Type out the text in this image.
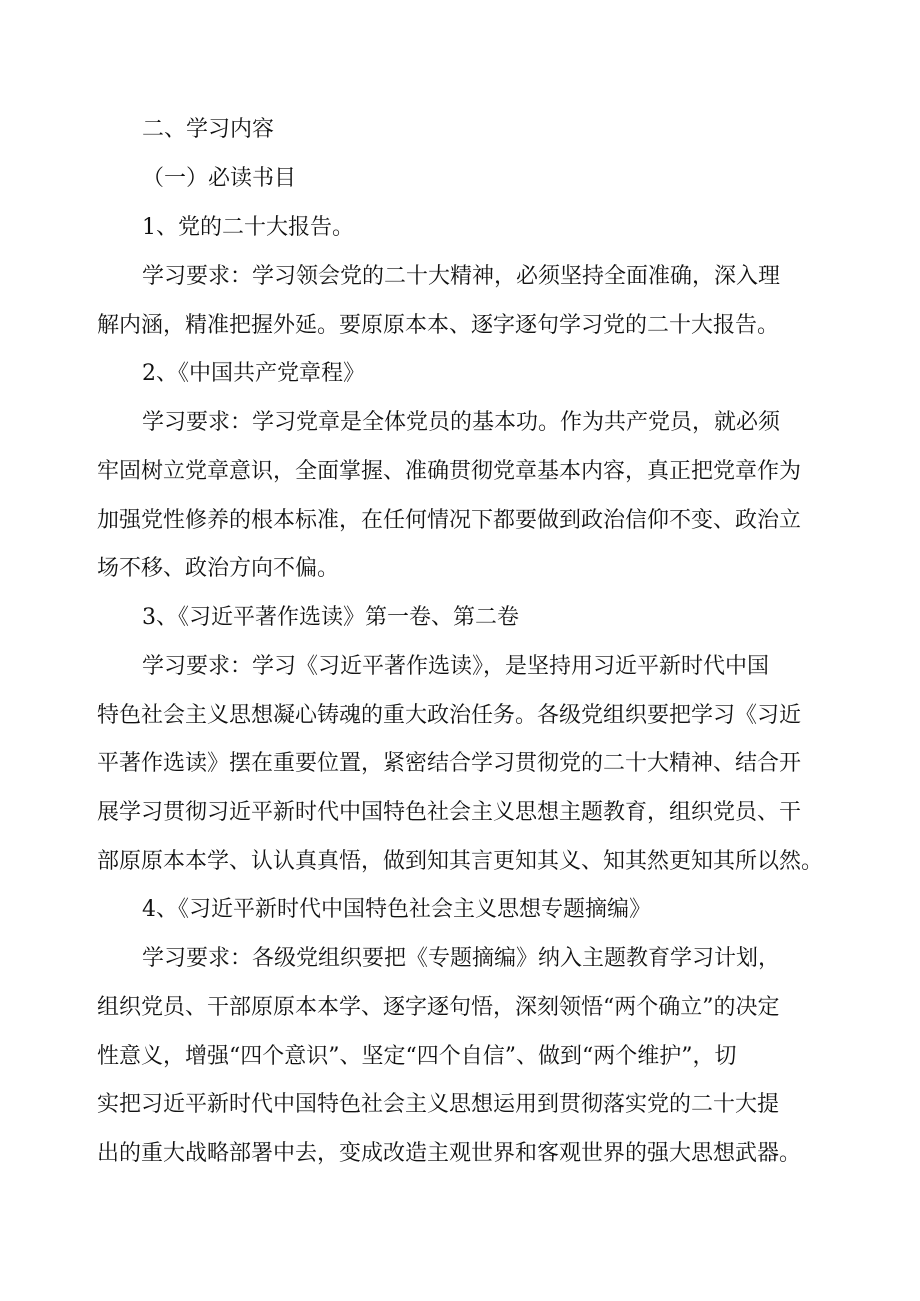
二、学习内容
（一）必读书目
1、党的二十大报告。
学习要求：学习领会党的二十大精神，必须坚持全面准确，深入理
解内涵，精准把握外延。要原原本本、逐字逐句学习党的二十大报告。
2、《中国共产党章程》
学习要求：学习党章是全体党员的基本功。作为共产党员，就必须
牢固树立党章意识，全面掌握、准确贯彻党章基本内容，真正把党章作为
加强党性修养的根本标准，在任何情况下都要做到政治信仰不变、政治立
场不移、政治方向不偏。
3、《习近平著作选读》第一卷、第二卷
学习要求：学习《习近平著作选读》，是坚持用习近平新时代中国
特色社会主义思想凝心铸魂的重大政治任务。各级党组织要把学习《习近
平著作选读》摆在重要位置，紧密结合学习贯彻党的二十大精神、结合开
展学习贯彻习近平新时代中国特色社会主义思想主题教育，组织党员、干
部原原本本学、认认真真悟，做到知其言更知其义、知其然更知其所以然。
4、《习近平新时代中国特色社会主义思想专题摘编》
学习要求：各级党组织要把《专题摘编》纳入主题教育学习计划，
组织党员、干部原原本本学、逐字逐句悟，深刻领悟“两个确立”的决定
性意义，增强“四个意识”、坚定“四个自信”、做到“两个维护”，切
实把习近平新时代中国特色社会主义思想运用到贯彻落实党的二十大提
出的重大战略部署中去，变成改造主观世界和客观世界的强大思想武器。
